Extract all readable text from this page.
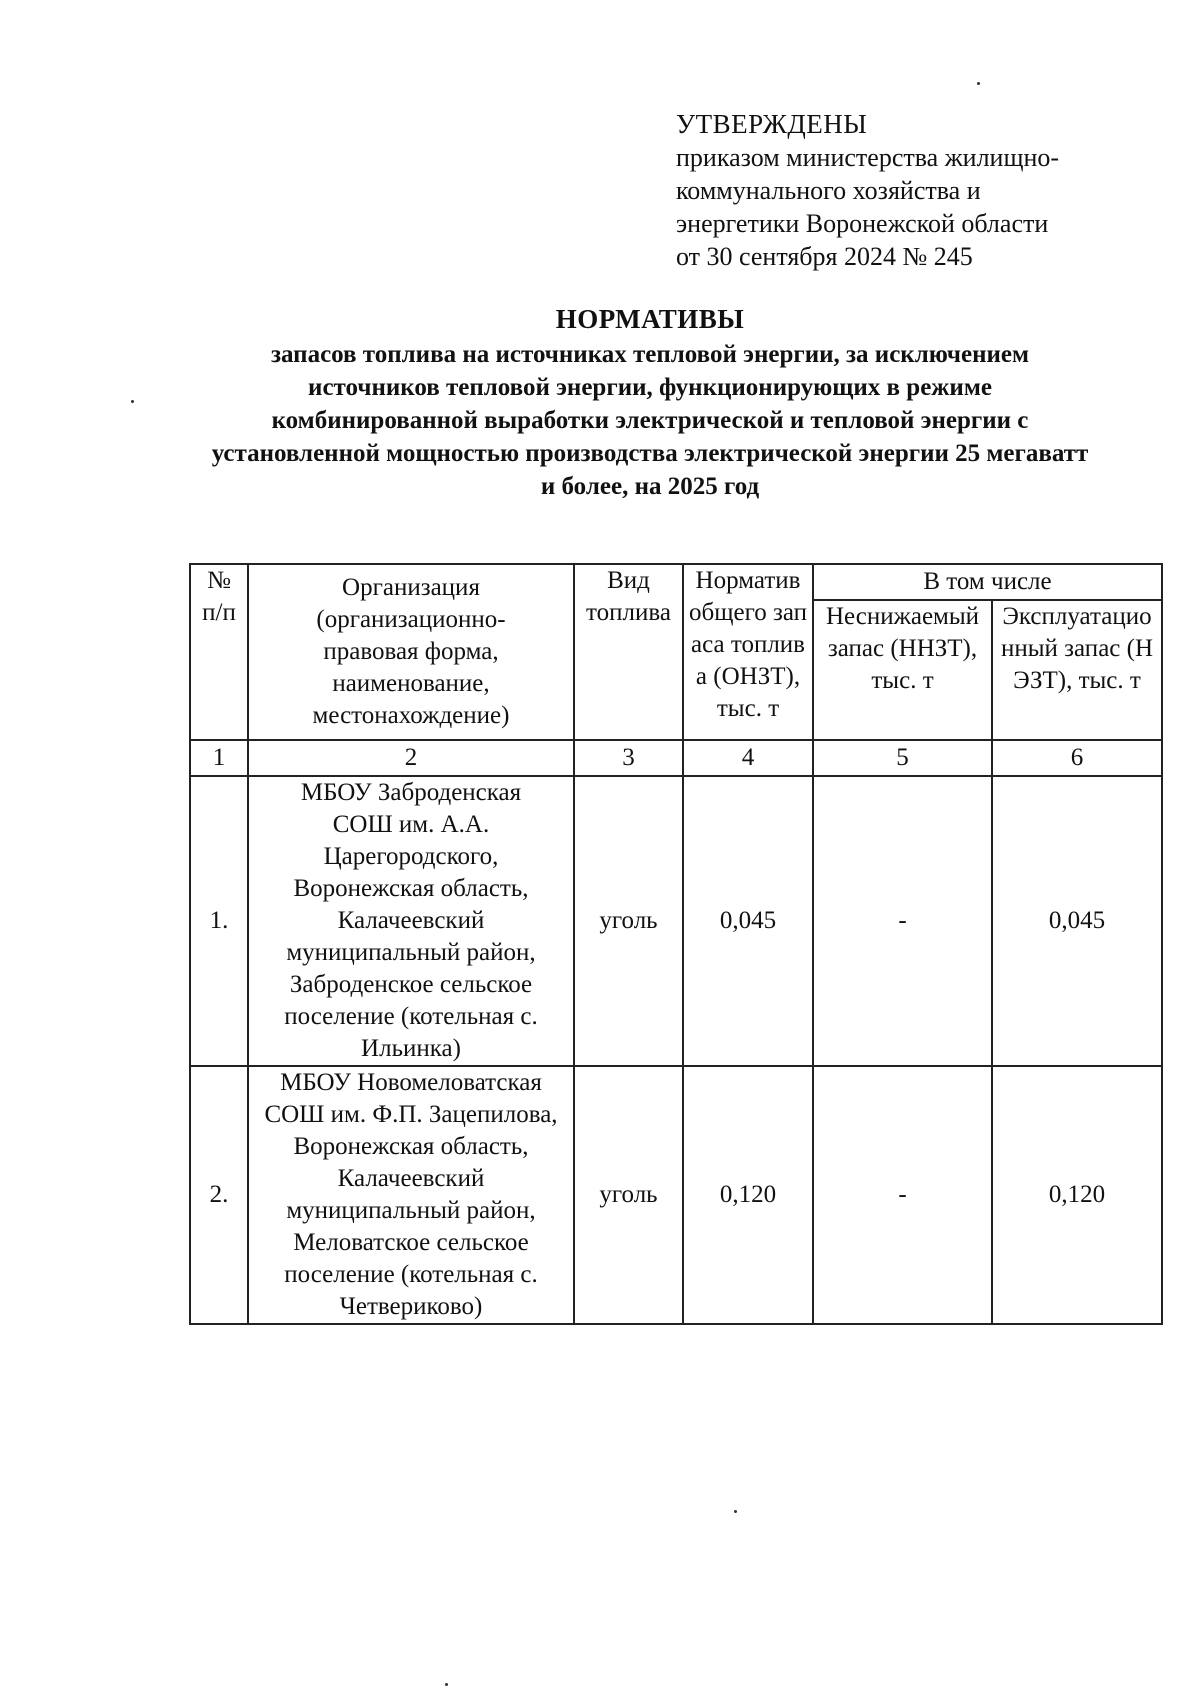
УТВЕРЖДЕНЫ
приказом министерства жилищно-
коммунального хозяйства и
энергетики Воронежской области
от 30 сентября 2024 № 245
НОРМАТИВЫ
запасов топлива на источниках тепловой энергии, за исключением источников тепловой энергии, функционирующих в режиме комбинированной выработки электрической и тепловой энергии с установленной мощностью производства электрической энергии 25 мегаватт и более, на 2025 год
№ п/п	Организация (организационно-правовая форма, наименование, местонахождение)	Вид топлива	Норматив общего запаса топлива (ОНЗТ), тыс. т	В том числе	
				Неснижаемый запас (ННЗТ), тыс. т	Эксплуатационный запас (НЭЗТ), тыс. т
1	2	3	4	5	6
1.	МБОУ Заброденская СОШ им. А.А. Царегородского, Воронежская область, Калачеевский муниципальный район, Заброденское сельское поселение (котельная с. Ильинка)	уголь	0,045	-	0,045
2.	МБОУ Новомеловатская СОШ им. Ф.П. Зацепилова, Воронежская область, Калачеевский муниципальный район, Меловатское сельское поселение (котельная с. Четвериково)	уголь	0,120	-	0,120
